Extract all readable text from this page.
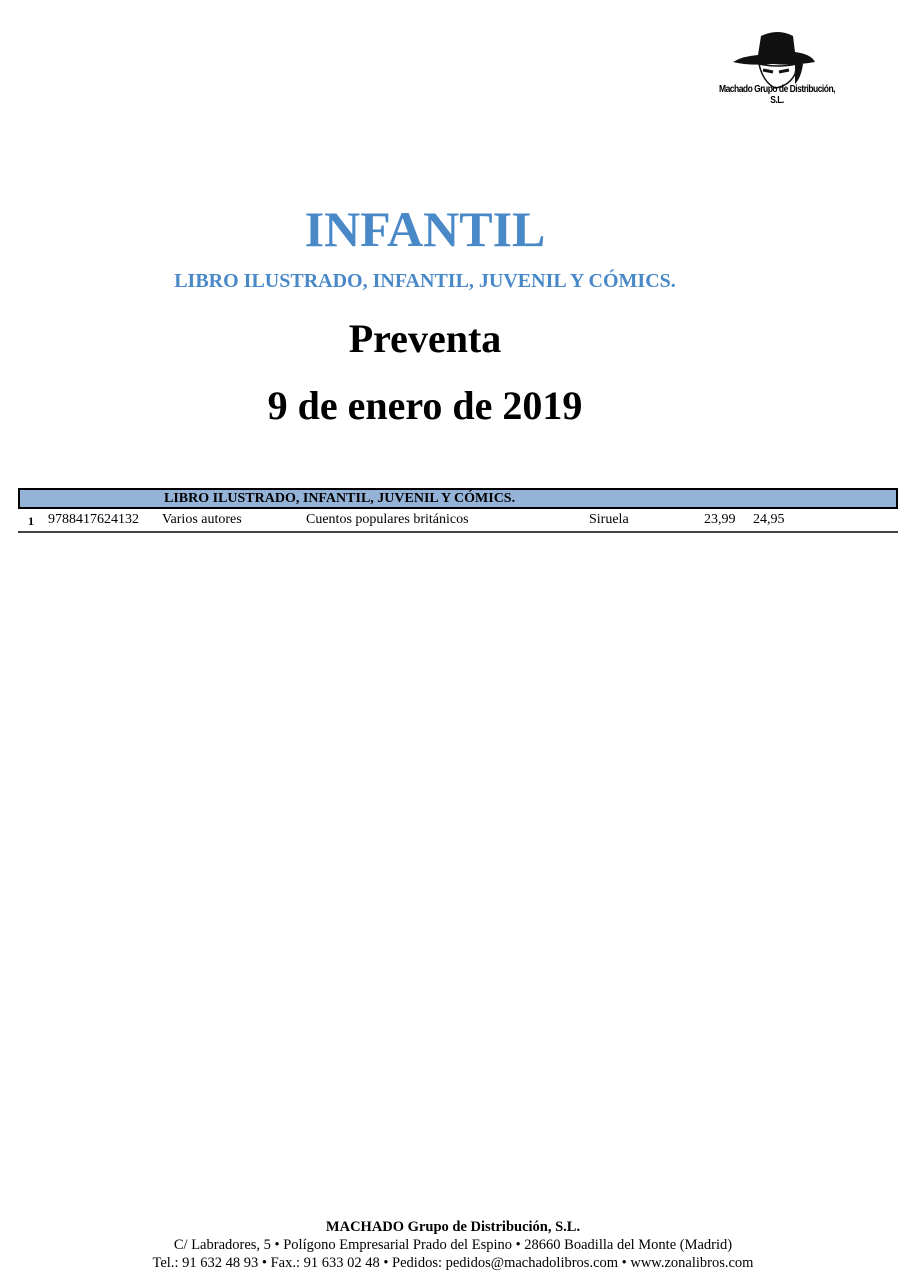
Machado Grupo de Distribución, S.L.
INFANTIL
LIBRO ILUSTRADO, INFANTIL, JUVENIL Y CÓMICS.
Preventa
9 de enero de 2019
LIBRO ILUSTRADO, INFANTIL, JUVENIL Y CÓMICS.
1 9788417624132 Varios autores	Cuentos populares británicos	Siruela	23,99 24,95
MACHADO Grupo de Distribución, S.L.
C/ Labradores, 5 • Polígono Empresarial Prado del Espino • 28660 Boadilla del Monte (Madrid)
Tel.: 91 632 48 93 • Fax.: 91 633 02 48 • Pedidos: pedidos@machadolibros.com • www.zonalibros.com
